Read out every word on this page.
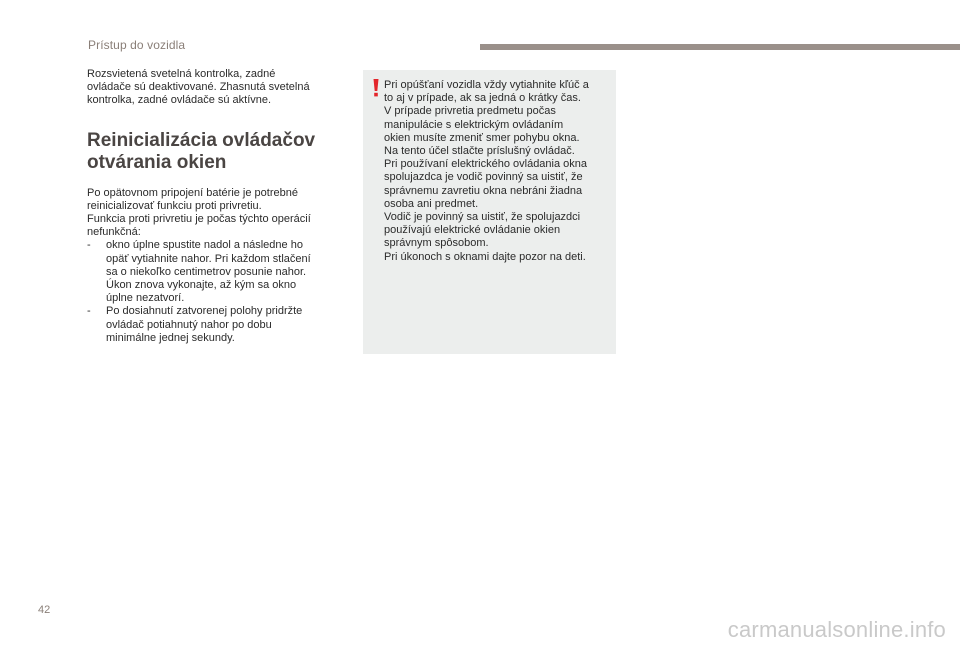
Prístup do vozidla

Rozsvietená svetelná kontrolka, zadné
ovládače sú deaktivované. Zhasnutá svetelná
kontrolka, zadné ovládače sú aktívne.

Reinicializácia ovládačov
otvárania okien

Po opätovnom pripojení batérie je potrebné
reinicializovať funkciu proti privretiu.
Funkcia proti privretiu je počas týchto operácií
nefunkčná:

-	okno úplne spustite nadol a následne ho
opäť vytiahnite nahor. Pri každom stlačení
sa o niekoľko centimetrov posunie nahor.
Úkon znova vykonajte, až kým sa okno
úplne nezatvorí.
-	Po dosiahnutí zatvorenej polohy pridržte
ovládač potiahnutý nahor po dobu
minimálne jednej sekundy.

Pri opúšťaní vozidla vždy vytiahnite kľúč a
to aj v prípade, ak sa jedná o krátky čas.
V prípade privretia predmetu počas
manipulácie s elektrickým ovládaním
okien musíte zmeniť smer pohybu okna.
Na tento účel stlačte príslušný ovládač.
Pri používaní elektrického ovládania okna
spolujazdca je vodič povinný sa uistiť, že
správnemu zavretiu okna nebráni žiadna
osoba ani predmet.
Vodič je povinný sa uistiť, že spolujazdci
používajú elektrické ovládanie okien
správnym spôsobom.
Pri úkonoch s oknami dajte pozor na deti.

42
carmanualsonline.info
